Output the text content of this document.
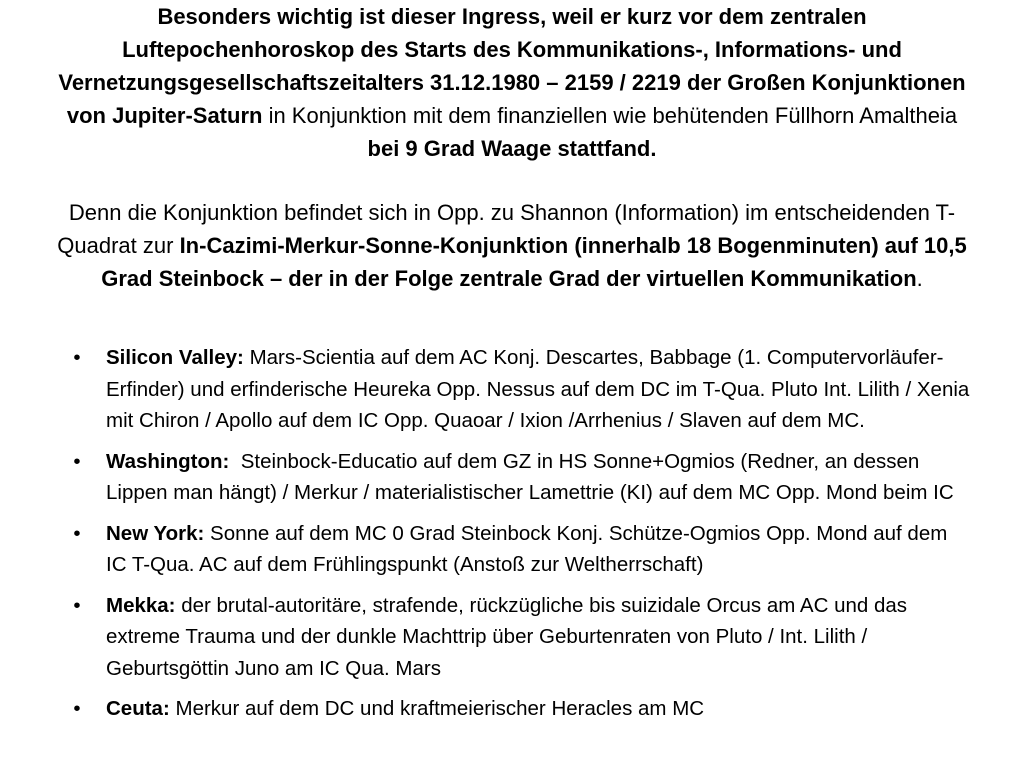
Besonders wichtig ist dieser Ingress, weil er kurz vor dem zentralen Luftepochenhoroskop des Starts des Kommunikations-, Informations- und Vernetzungsgesellschaftszeitalters 31.12.1980 – 2159 / 2219 der Großen Konjunktionen von Jupiter-Saturn in Konjunktion mit dem finanziellen wie behütenden Füllhorn Amaltheia bei 9 Grad Waage stattfand.

Denn die Konjunktion befindet sich in Opp. zu Shannon (Information) im entscheidenden T-Quadrat zur In-Cazimi-Merkur-Sonne-Konjunktion (innerhalb 18 Bogenminuten) auf 10,5 Grad Steinbock – der in der Folge zentrale Grad der virtuellen Kommunikation.

• Silicon Valley: Mars-Scientia auf dem AC Konj. Descartes, Babbage (1. Computervorläufer-Erfinder) und erfinderische Heureka Opp. Nessus auf dem DC im T-Qua. Pluto Int. Lilith / Xenia mit Chiron / Apollo auf dem IC Opp. Quaoar / Ixion /Arrhenius / Slaven auf dem MC.
• Washington:  Steinbock-Educatio auf dem GZ in HS Sonne+Ogmios (Redner, an dessen Lippen man hängt) / Merkur / materialistischer Lamettrie (KI) auf dem MC Opp. Mond beim IC
• New York: Sonne auf dem MC 0 Grad Steinbock Konj. Schütze-Ogmios Opp. Mond auf dem IC T-Qua. AC auf dem Frühlingspunkt (Anstoß zur Weltherrschaft)
• Mekka: der brutal-autoritäre, strafende, rückzügliche bis suizidale Orcus am AC und das extreme Trauma und der dunkle Machttrip über Geburtenraten von Pluto / Int. Lilith / Geburtsgöttin Juno am IC Qua. Mars
• Ceuta: Merkur auf dem DC und kraftmeierischer Heracles am MC
